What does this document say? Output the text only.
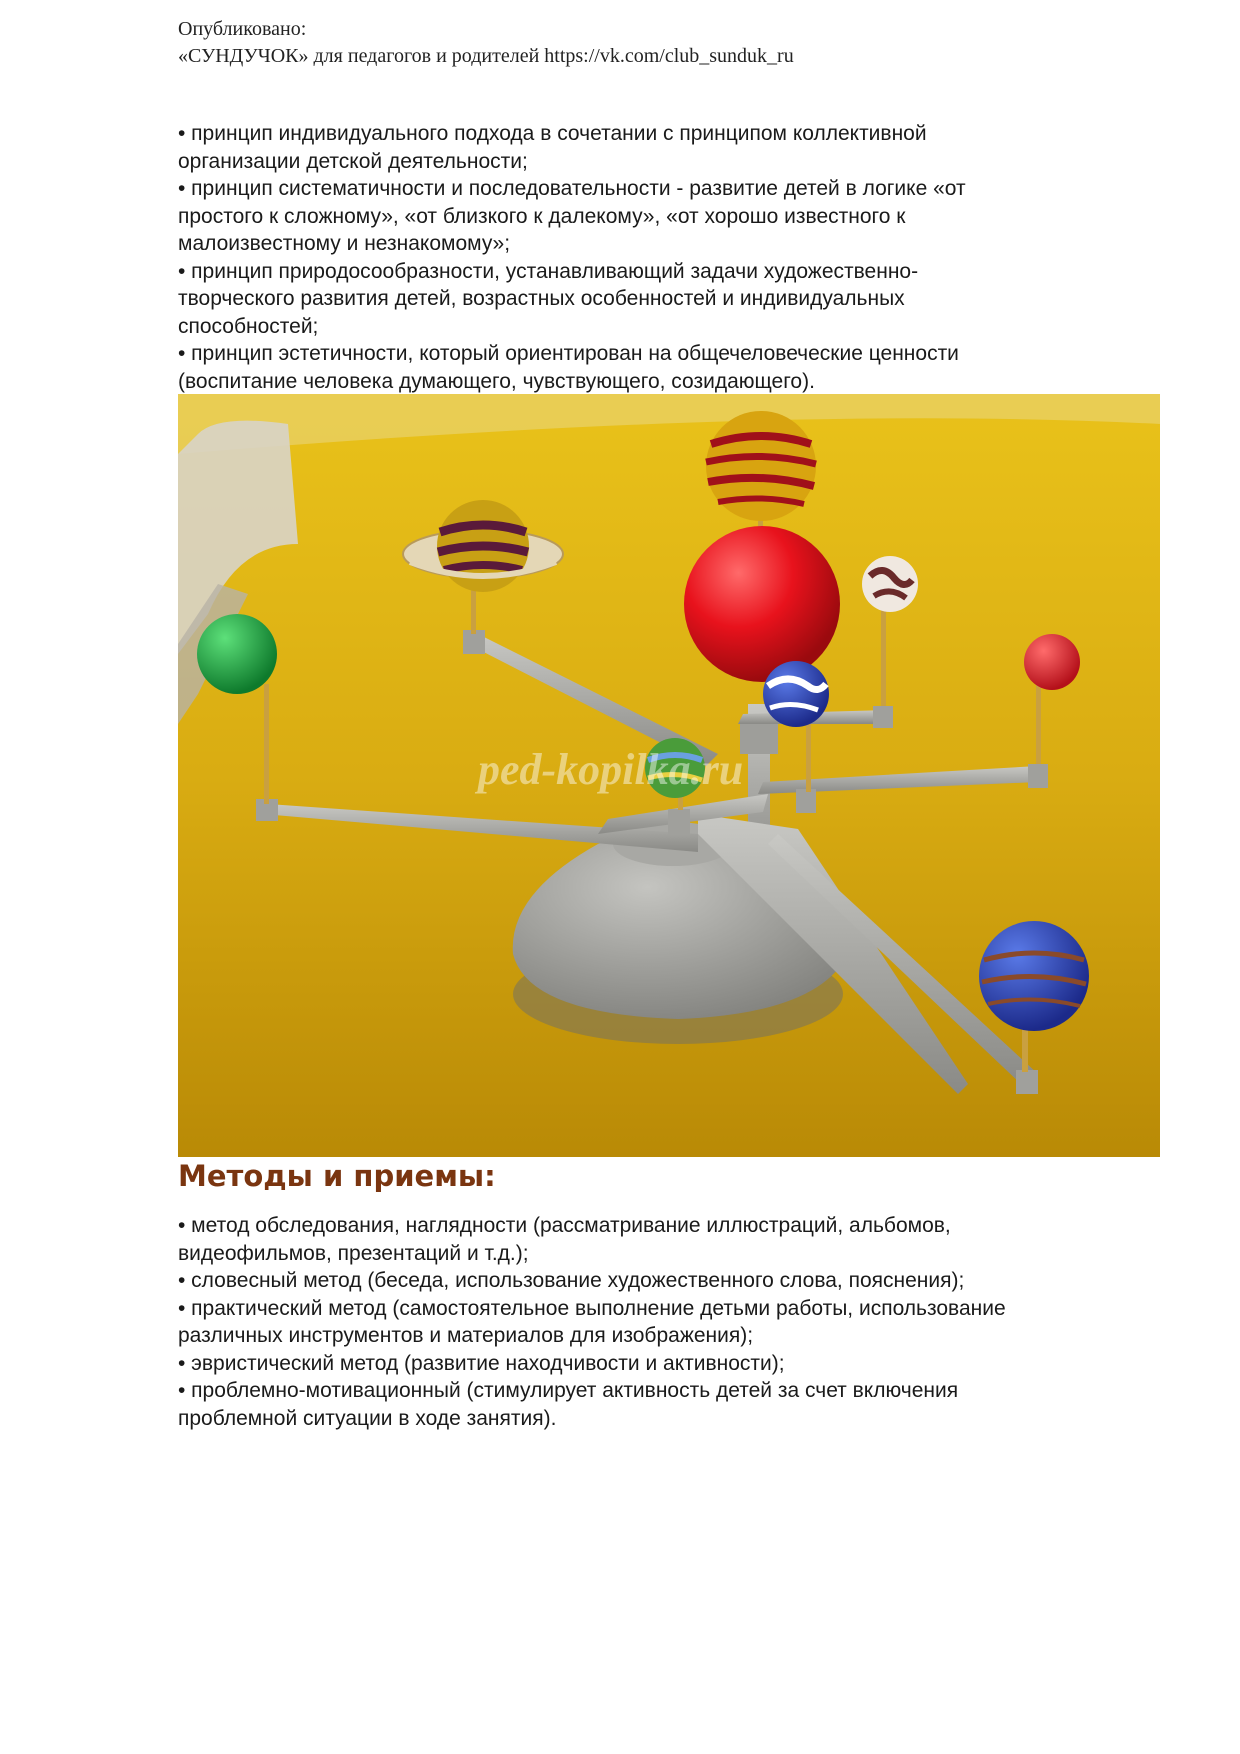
Опубликовано:
«СУНДУЧОК» для педагогов и родителей https://vk.com/club_sunduk_ru
• принцип индивидуального подхода в сочетании с принципом коллективной
организации детской деятельности;
• принцип систематичности и последовательности - развитие детей в логике «от
простого к сложному», «от близкого к далекому», «от хорошо известного к
малоизвестному и незнакомому»;
• принцип природосообразности, устанавливающий задачи художественно-
творческого развития детей, возрастных особенностей и индивидуальных
способностей;
• принцип эстетичности, который ориентирован на общечеловеческие ценности
(воспитание человека думающего, чувствующего, созидающего).
ped-kopilka.ru
Методы и приемы:
• метод обследования, наглядности (рассматривание иллюстраций, альбомов,
видеофильмов, презентаций и т.д.);
• словесный метод (беседа, использование художественного слова, пояснения);
• практический метод (самостоятельное выполнение детьми работы, использование
различных инструментов и материалов для изображения);
• эвристический метод (развитие находчивости и активности);
• проблемно-мотивационный (стимулирует активность детей за счет включения
проблемной ситуации в ходе занятия).
